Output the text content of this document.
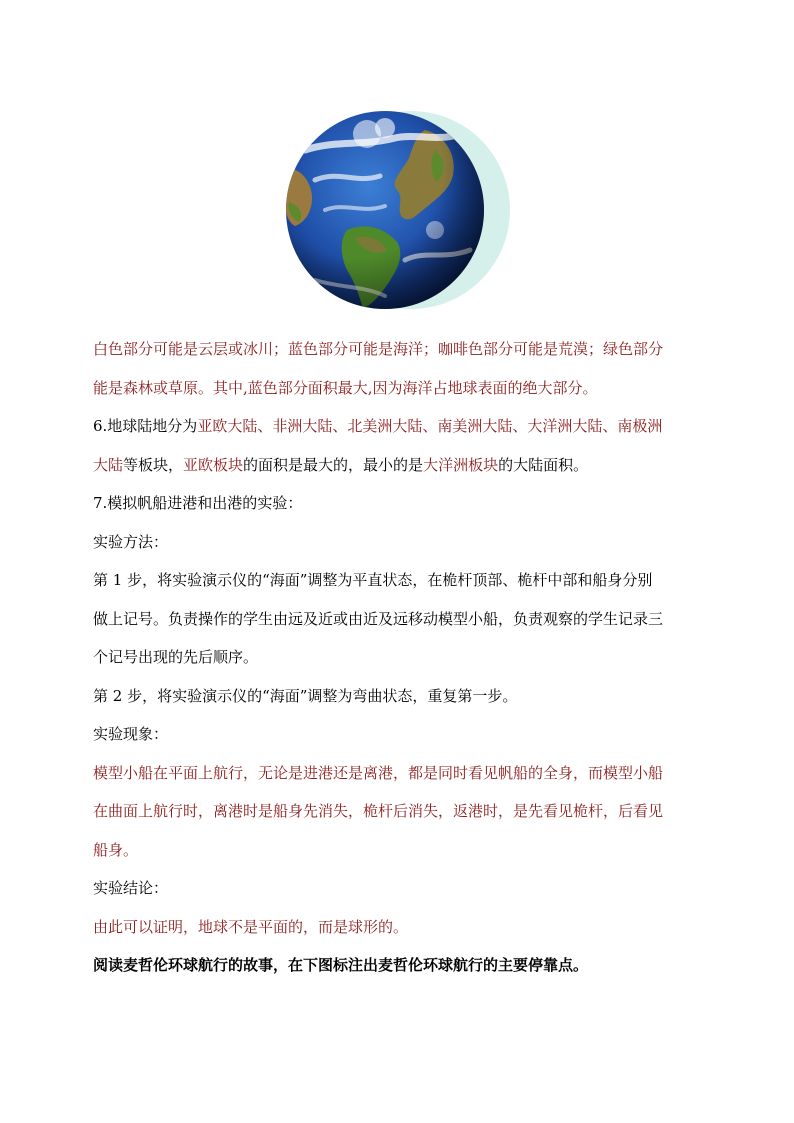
白色部分可能是云层或冰川；蓝色部分可能是海洋；咖啡色部分可能是荒漠；绿色部分

能是森林或草原。其中,蓝色部分面积最大,因为海洋占地球表面的绝大部分。

6.地球陆地分为亚欧大陆、非洲大陆、北美洲大陆、南美洲大陆、大洋洲大陆、南极洲

大陆等板块，亚欧板块的面积是最大的，最小的是大洋洲板块的大陆面积。

7.模拟帆船进港和出港的实验：

实验方法：

第 1 步，将实验演示仪的“海面”调整为平直状态，在桅杆顶部、桅杆中部和船身分别

做上记号。负责操作的学生由远及近或由近及远移动模型小船，负责观察的学生记录三

个记号出现的先后顺序。

第 2 步，将实验演示仪的“海面”调整为弯曲状态，重复第一步。

实验现象：

模型小船在平面上航行，无论是进港还是离港，都是同时看见帆船的全身，而模型小船

在曲面上航行时，离港时是船身先消失，桅杆后消失，返港时，是先看见桅杆，后看见

船身。

实验结论：

由此可以证明，地球不是平面的，而是球形的。

阅读麦哲伦环球航行的故事，在下图标注出麦哲伦环球航行的主要停靠点。
